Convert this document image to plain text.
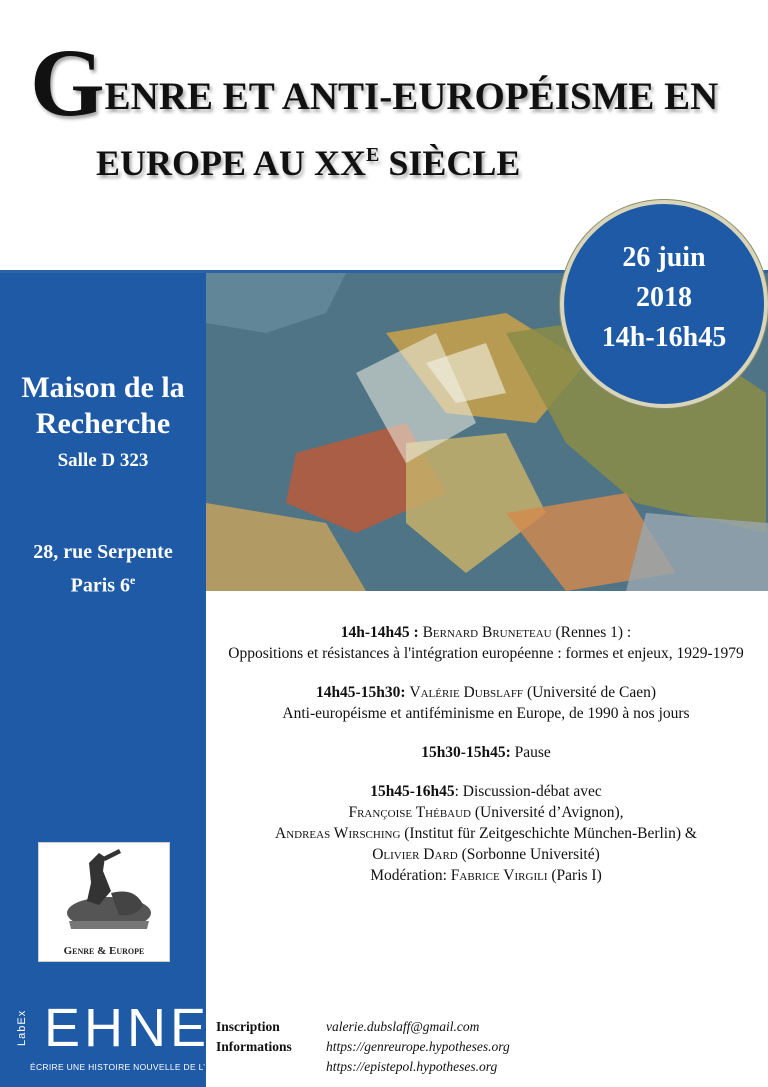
GENRE ET ANTI-EUROPÉISME EN
EUROPE AU $XX^E$ SIÈCLE
Maison de la Recherche
Salle D 323
28, rue Serpente
Paris 6e
26 juin
2018
14h-16h45

14h-14h45 : Bernard Bruneteau (Rennes 1) :
Oppositions et résistances à l'intégration européenne : formes et enjeux, 1929-1979

14h45-15h30: Valérie Dubslaff (Université de Caen)
Anti-européisme et antiféminisme en Europe, de 1990 à nos jours

15h30-15h45: Pause

15h45-16h45: Discussion-débat avec
Françoise Thébaud (Université d’Avignon),
Andreas Wirsching (Institut für Zeitgeschichte München-Berlin) &
Olivier Dard (Sorbonne Université)
Modération: Fabrice Virgili (Paris I)

Genre & Europe
LabEx EHNE
ÉCRIRE UNE HISTOIRE NOUVELLE DE L’EUROPE
Inscription
Informations
valerie.dubslaff@gmail.com
https://genreurope.hypotheses.org
https://epistepol.hypotheses.org
